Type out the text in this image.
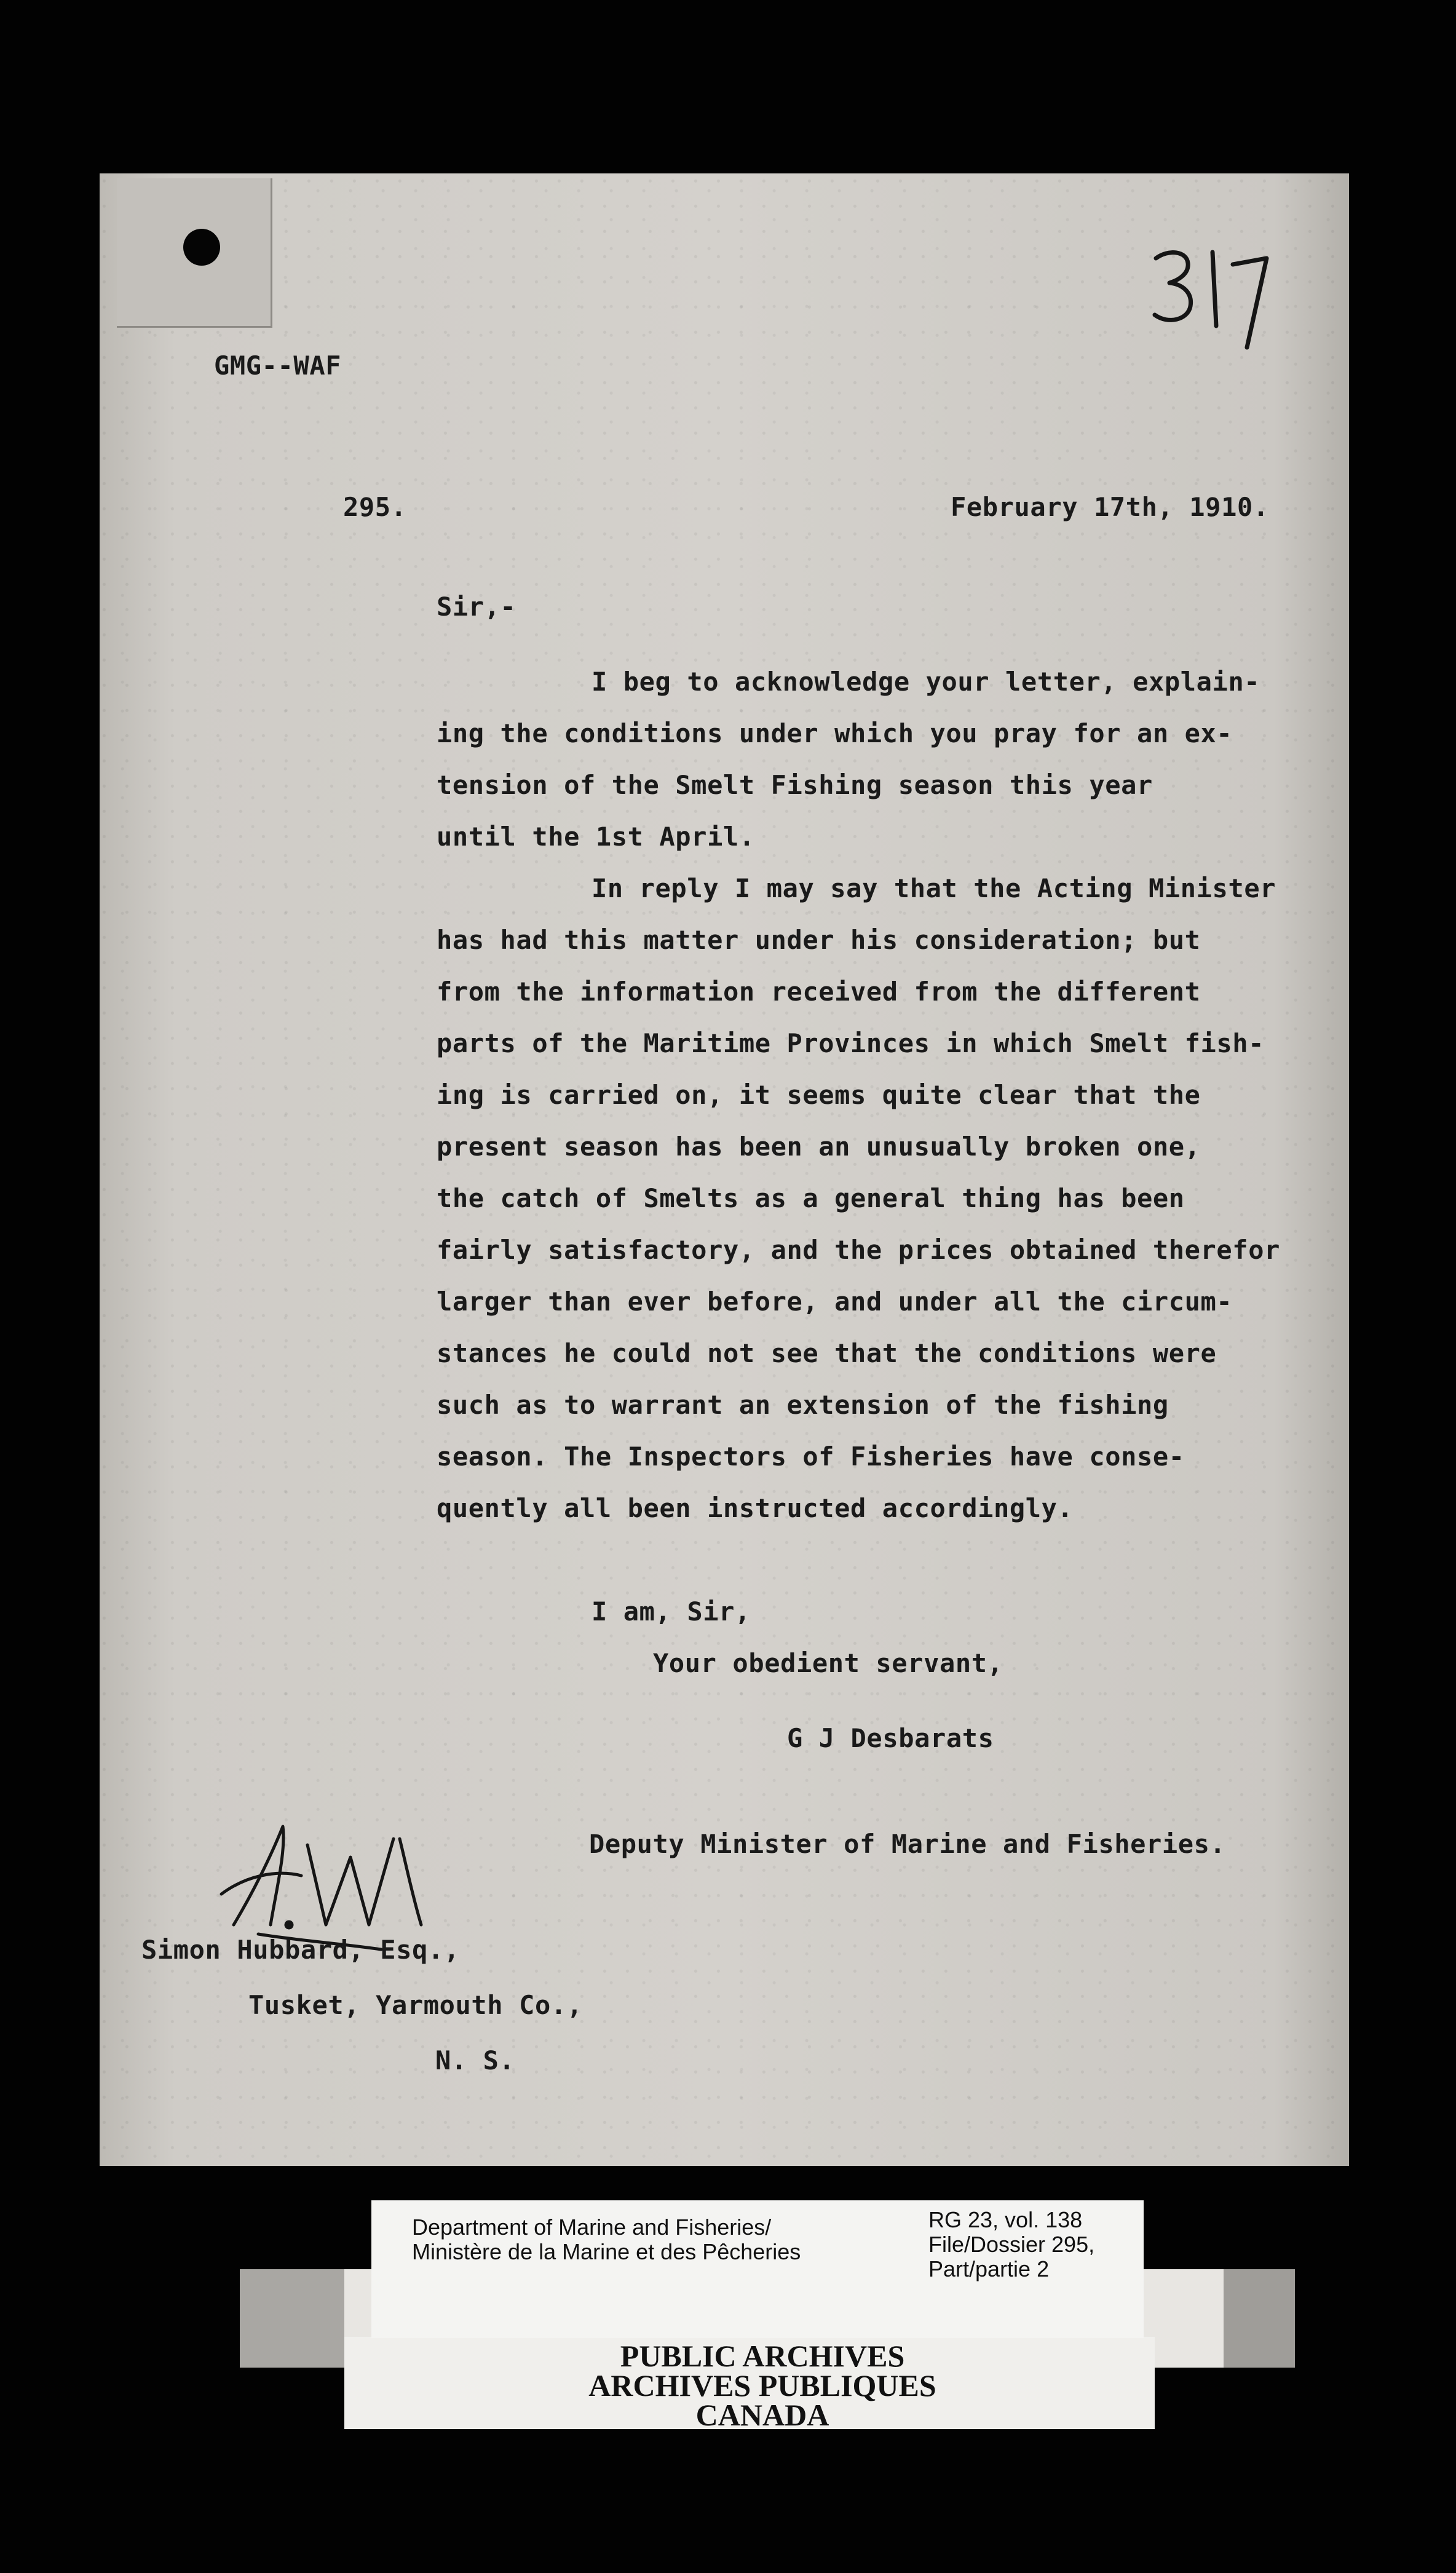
317
GMG--WAF
295.	February 17th, 1910.
Sir,-
I beg to acknowledge your letter, explain-
ing the conditions under which you pray for an ex-
tension of the Smelt Fishing season this year
until the 1st April.
In reply I may say that the Acting Minister
has had this matter under his consideration; but
from the information received from the different
parts of the Maritime Provinces in which Smelt fish-
ing is carried on, it seems quite clear that the
present season has been an unusually broken one,
the catch of Smelts as a general thing has been
fairly satisfactory, and the prices obtained therefor
larger than ever before, and under all the circum-
stances he could not see that the conditions were
such as to warrant an extension of the fishing
season. The Inspectors of Fisheries have conse-
quently all been instructed accordingly.
I am, Sir,
Your obedient servant,
G J Desbarats
Deputy Minister of Marine and Fisheries.
Simon Hubbard, Esq.,
Tusket, Yarmouth Co.,
N. S.
Department of Marine and Fisheries/
Ministère de la Marine et des Pêcheries
RG 23, vol. 138
File/Dossier 295,
Part/partie 2
PUBLIC ARCHIVES
ARCHIVES PUBLIQUES
CANADA
